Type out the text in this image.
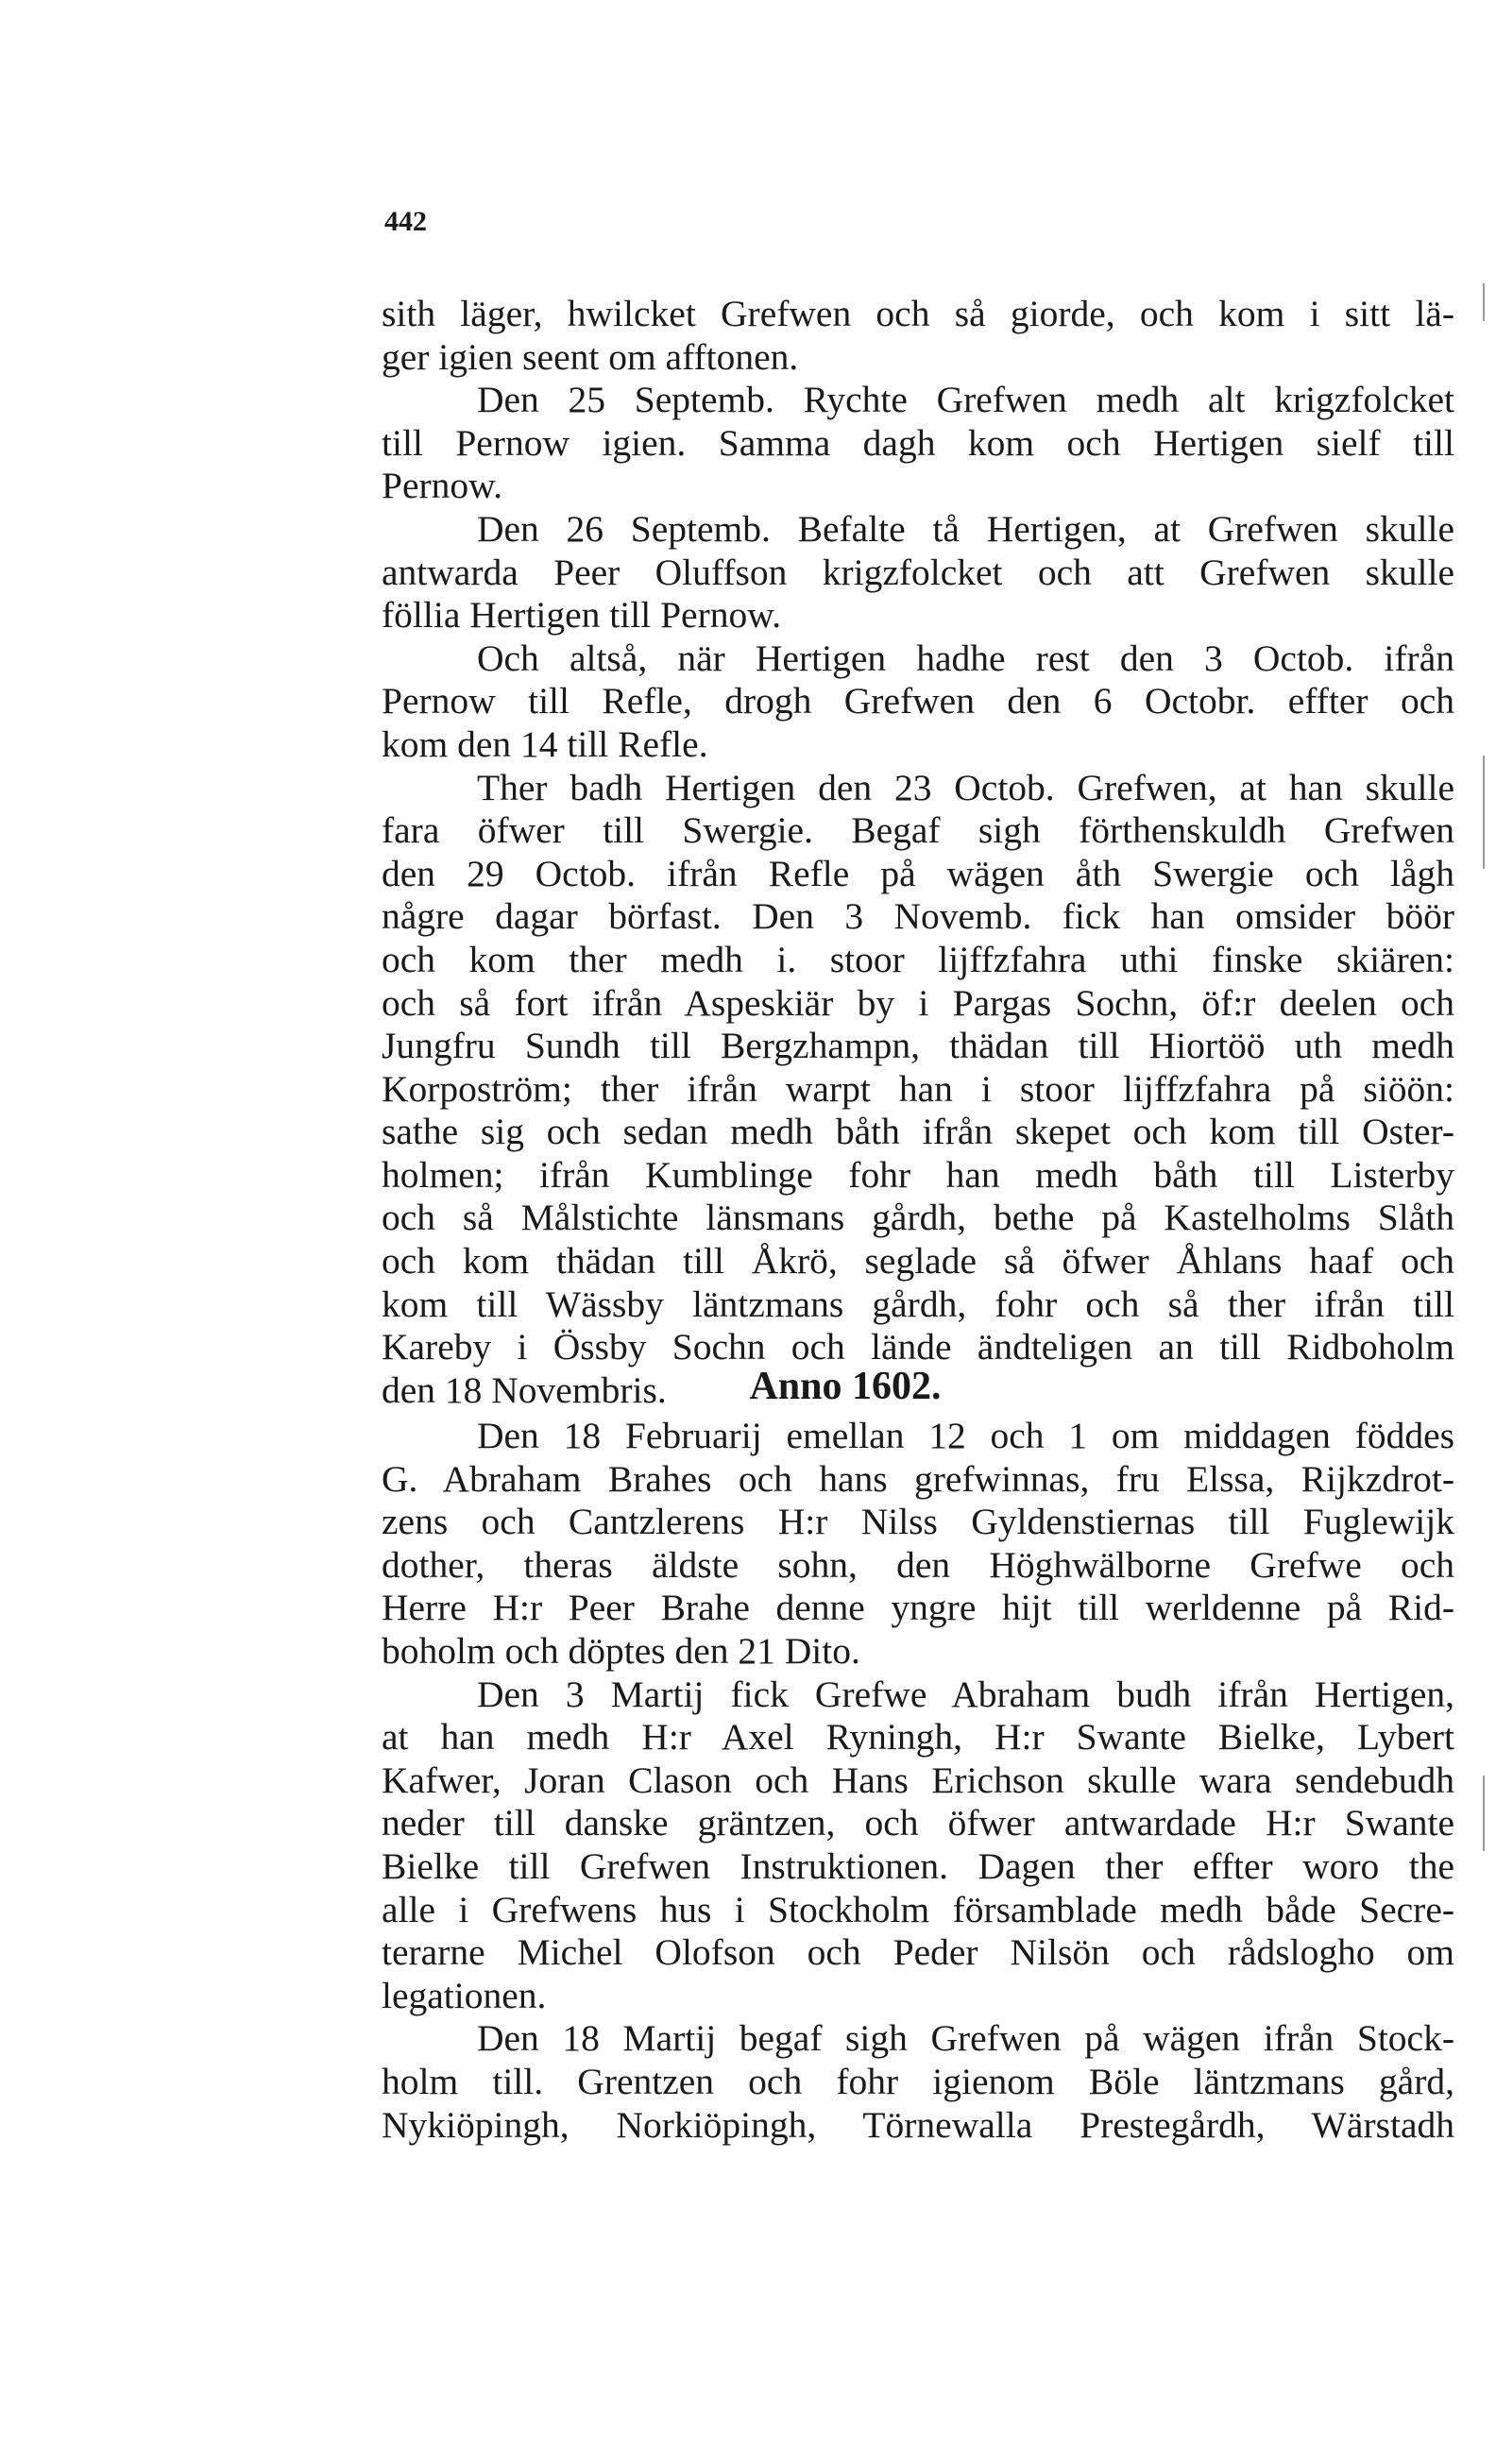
442
sith läger, hwilcket Grefwen och så giorde, och kom i sitt lä-
ger igien seent om afftonen.
Den 25 Septemb. Rychte Grefwen medh alt krigzfolcket
till Pernow igien. Samma dagh kom och Hertigen sielf till
Pernow.
Den 26 Septemb. Befalte tå Hertigen, at Grefwen skulle
antwarda Peer Oluffson krigzfolcket och att Grefwen skulle
föllia Hertigen till Pernow.
Och altså, när Hertigen hadhe rest den 3 Octob. ifrån
Pernow till Refle, drogh Grefwen den 6 Octobr. effter och
kom den 14 till Refle.
Ther badh Hertigen den 23 Octob. Grefwen, at han skulle
fara öfwer till Swergie. Begaf sigh förthenskuldh Grefwen
den 29 Octob. ifrån Refle på wägen åth Swergie och lågh
någre dagar börfast. Den 3 Novemb. fick han omsider böör
och kom ther medh i. stoor lijffzfahra uthi finske skiären:
och så fort ifrån Aspeskiär by i Pargas Sochn, öf:r deelen och
Jungfru Sundh till Bergzhampn, thädan till Hiortöö uth medh
Korpoström; ther ifrån warpt han i stoor lijffzfahra på siöön:
sathe sig och sedan medh båth ifrån skepet och kom till Oster-
holmen; ifrån Kumblinge fohr han medh båth till Listerby
och så Målstichte länsmans gårdh, bethe på Kastelholms Slåth
och kom thädan till Åkrö, seglade så öfwer Åhlans haaf och
kom till Wässby läntzmans gårdh, fohr och så ther ifrån till
Kareby i Össby Sochn och lände ändteligen an till Ridboholm
den 18 Novembris.	Anno 1602.
Den 18 Februarij emellan 12 och 1 om middagen föddes
G. Abraham Brahes och hans grefwinnas, fru Elssa, Rijkzdrot-
zens och Cantzlerens H:r Nilss Gyldenstiernas till Fuglewijk
dother, theras äldste sohn, den Höghwälborne Grefwe och
Herre H:r Peer Brahe denne yngre hijt till werldenne på Rid-
boholm och döptes den 21 Dito.
Den 3 Martij fick Grefwe Abraham budh ifrån Hertigen,
at han medh H:r Axel Ryningh, H:r Swante Bielke, Lybert
Kafwer, Joran Clason och Hans Erichson skulle wara sendebudh
neder till danske gräntzen, och öfwer antwardade H:r Swante
Bielke till Grefwen Instruktionen. Dagen ther effter woro the
alle i Grefwens hus i Stockholm församblade medh både Secre-
terarne Michel Olofson och Peder Nilsön och rådslogho om
legationen.
Den 18 Martij begaf sigh Grefwen på wägen ifrån Stock-
holm till. Grentzen och fohr igienom Böle läntzmans gård,
Nykiöpingh, Norkiöpingh, Törnewalla Prestegårdh, Wärstadh
